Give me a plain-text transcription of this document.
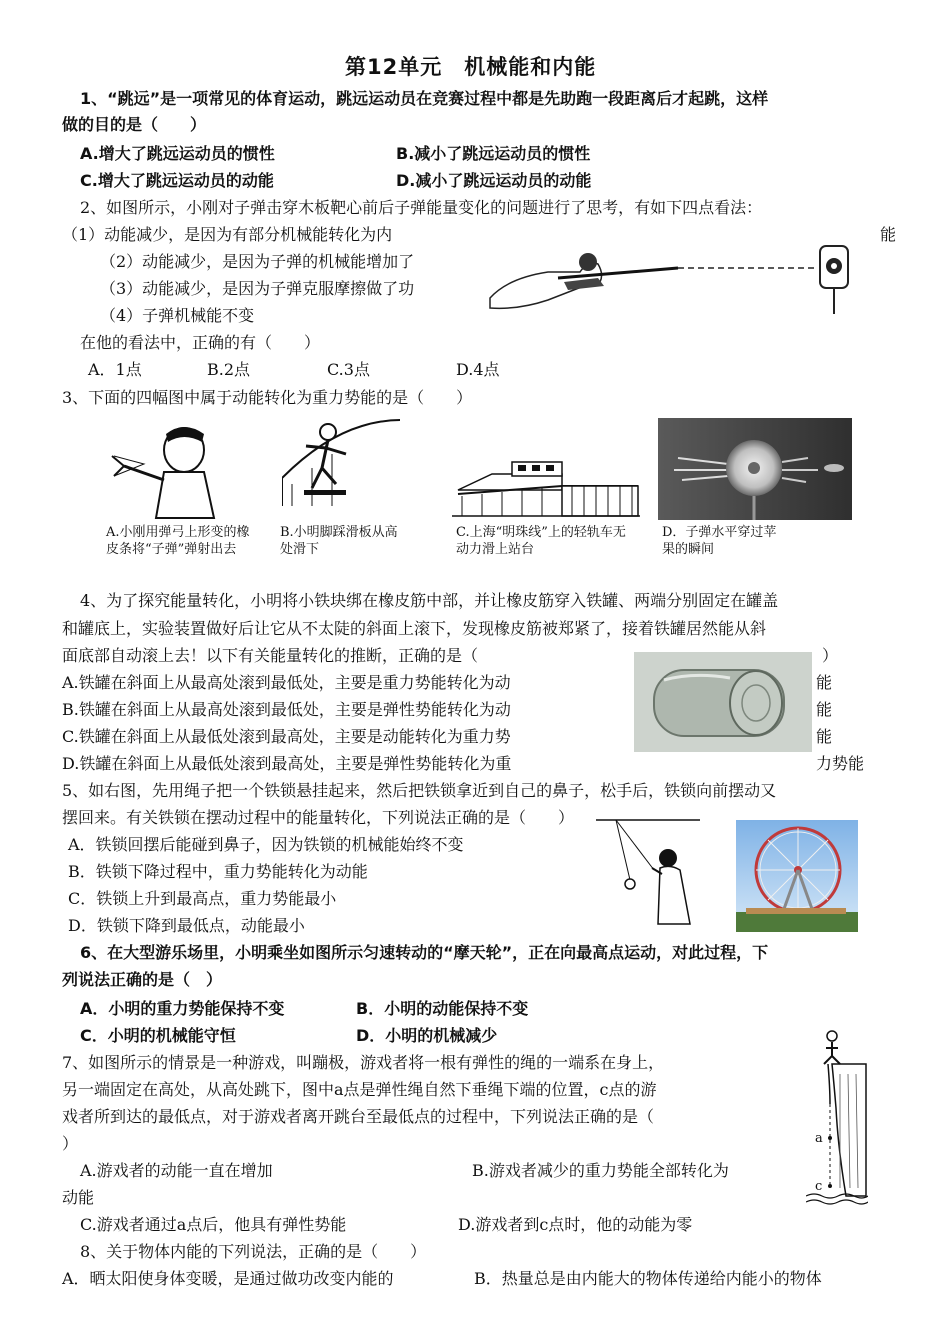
第12单元　机械能和内能
1、“跳远”是一项常见的体育运动，跳远运动员在竞赛过程中都是先助跑一段距离后才起跳，这样
做的目的是（　　）
A.增大了跳远运动员的惯性	B.减小了跳远运动员的惯性
C.增大了跳远运动员的动能	D.减小了跳远运动员的动能
2、如图所示，小刚对子弹击穿木板靶心前后子弹能量变化的问题进行了思考，有如下四点看法：
（1）动能减少，是因为有部分机械能转化为内	能
（2）动能减少，是因为子弹的机械能增加了
（3）动能减少，是因为子弹克服摩擦做了功
（4）子弹机械能不变
在他的看法中，正确的有（　　）
A．1点	B.2点	C.3点	D.4点
3、下面的四幅图中属于动能转化为重力势能的是（　　）
A.小刚用弹弓上形变的橡皮条将“子弹”弹射出去
B.小明脚踩滑板从高处滑下
C.上海“明珠线”上的轻轨车无动力滑上站台
D．子弹水平穿过苹果的瞬间
4、为了探究能量转化，小明将小铁块绑在橡皮筋中部，并让橡皮筋穿入铁罐、两端分别固定在罐盖
和罐底上，实验装置做好后让它从不太陡的斜面上滚下，发现橡皮筋被郑紧了，接着铁罐居然能从斜
面底部自动滚上去！以下有关能量转化的推断，正确的是（	）
A.铁罐在斜面上从最高处滚到最低处，主要是重力势能转化为动	能
B.铁罐在斜面上从最高处滚到最低处，主要是弹性势能转化为动	能
C.铁罐在斜面上从最低处滚到最高处，主要是动能转化为重力势	能
D.铁罐在斜面上从最低处滚到最高处，主要是弹性势能转化为重	力势能
5、如右图，先用绳子把一个铁锁悬挂起来，然后把铁锁拿近到自己的鼻子，松手后，铁锁向前摆动又
摆回来。有关铁锁在摆动过程中的能量转化，下列说法正确的是（　　）
A．铁锁回摆后能碰到鼻子，因为铁锁的机械能始终不变
B．铁锁下降过程中，重力势能转化为动能
C．铁锁上升到最高点，重力势能最小
D．铁锁下降到最低点，动能最小
6、在大型游乐场里，小明乘坐如图所示匀速转动的“摩天轮”，正在向最高点运动，对此过程，下
列说法正确的是（　）
A．小明的重力势能保持不变	B．小明的动能保持不变
C．小明的机械能守恒	D．小明的机械减少
7、如图所示的情景是一种游戏，叫蹦极，游戏者将一根有弹性的绳的一端系在身上，
另一端固定在高处，从高处跳下，图中a点是弹性绳自然下垂绳下端的位置，c点的游
戏者所到达的最低点，对于游戏者离开跳台至最低点的过程中，下列说法正确的是（
）
A.游戏者的动能一直在增加	B.游戏者减少的重力势能全部转化为
动能
C.游戏者通过a点后，他具有弹性势能	D.游戏者到c点时，他的动能为零
a
c
8、关于物体内能的下列说法，正确的是（　　）
A．晒太阳使身体变暖，是通过做功改变内能的	B．热量总是由内能大的物体传递给内能小的物体
